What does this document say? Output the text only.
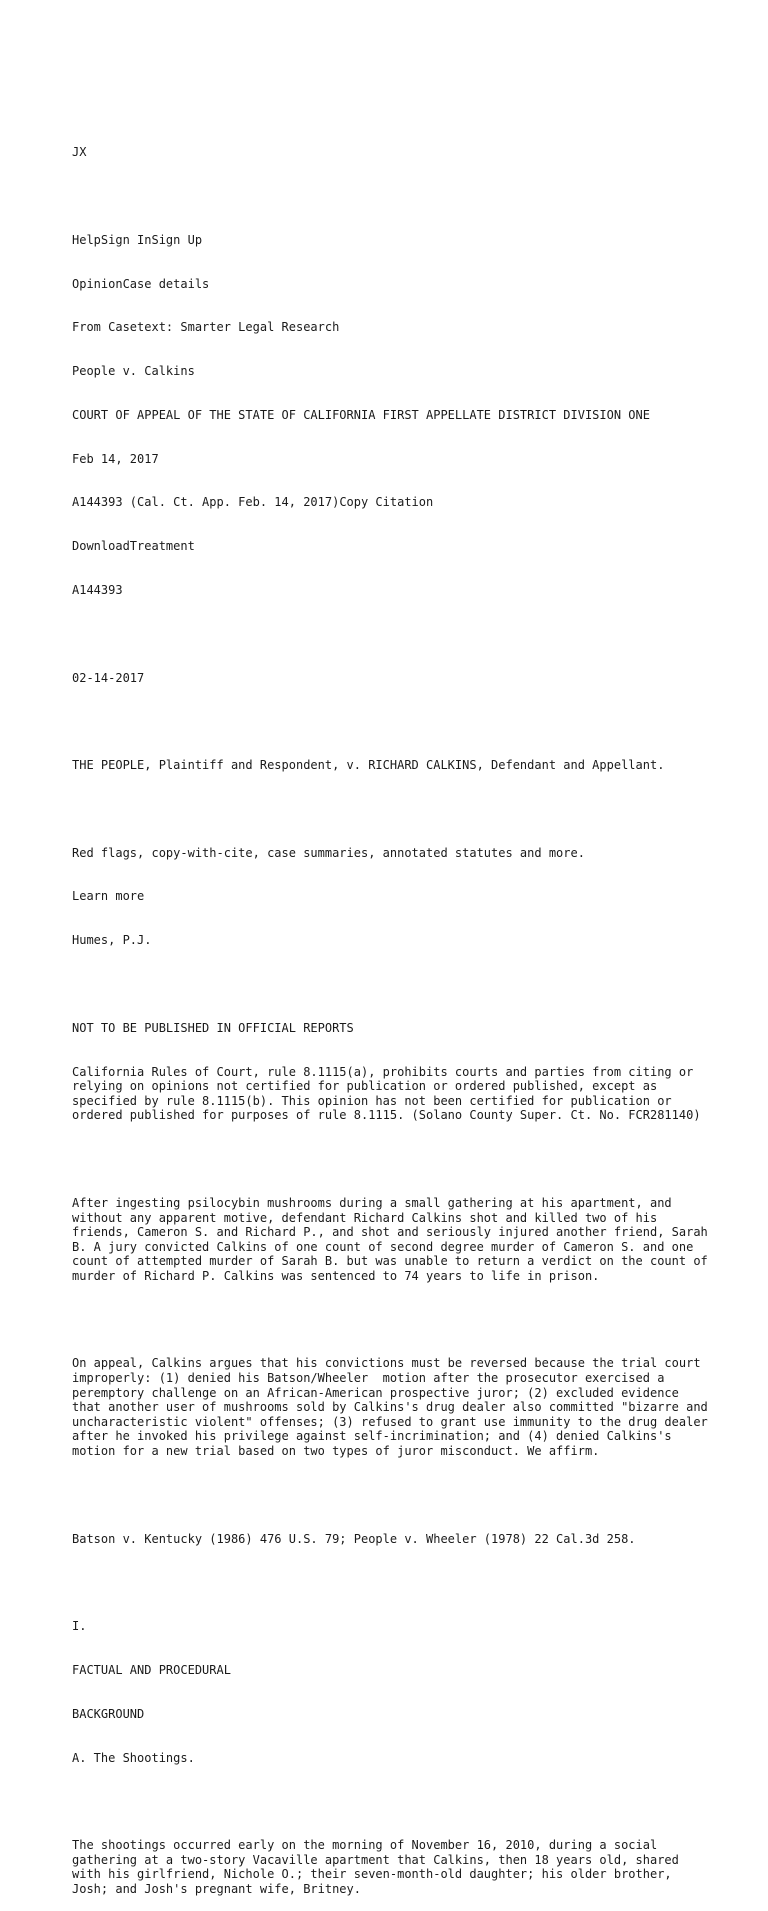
JX

HelpSign InSign Up

OpinionCase details

From Casetext: Smarter Legal Research

People v. Calkins

COURT OF APPEAL OF THE STATE OF CALIFORNIA FIRST APPELLATE DISTRICT DIVISION ONE

Feb 14, 2017

A144393 (Cal. Ct. App. Feb. 14, 2017)Copy Citation

DownloadTreatment

A144393

02-14-2017

THE PEOPLE, Plaintiff and Respondent, v. RICHARD CALKINS, Defendant and Appellant.

Red flags, copy-with-cite, case summaries, annotated statutes and more.

Learn more

Humes, P.J.

NOT TO BE PUBLISHED IN OFFICIAL REPORTS

California Rules of Court, rule 8.1115(a), prohibits courts and parties from citing or relying on opinions not certified for publication or ordered published, except as specified by rule 8.1115(b). This opinion has not been certified for publication or ordered published for purposes of rule 8.1115. (Solano County Super. Ct. No. FCR281140)

After ingesting psilocybin mushrooms during a small gathering at his apartment, and without any apparent motive, defendant Richard Calkins shot and killed two of his friends, Cameron S. and Richard P., and shot and seriously injured another friend, Sarah B. A jury convicted Calkins of one count of second degree murder of Cameron S. and one count of attempted murder of Sarah B. but was unable to return a verdict on the count of murder of Richard P. Calkins was sentenced to 74 years to life in prison.

On appeal, Calkins argues that his convictions must be reversed because the trial court improperly: (1) denied his Batson/Wheeler  motion after the prosecutor exercised a peremptory challenge on an African-American prospective juror; (2) excluded evidence that another user of mushrooms sold by Calkins's drug dealer also committed "bizarre and uncharacteristic violent" offenses; (3) refused to grant use immunity to the drug dealer after he invoked his privilege against self-incrimination; and (4) denied Calkins's motion for a new trial based on two types of juror misconduct. We affirm.

Batson v. Kentucky (1986) 476 U.S. 79; People v. Wheeler (1978) 22 Cal.3d 258.

I.

FACTUAL AND PROCEDURAL

BACKGROUND

A. The Shootings.

The shootings occurred early on the morning of November 16, 2010, during a social gathering at a two-story Vacaville apartment that Calkins, then 18 years old, shared with his girlfriend, Nichole O.; their seven-month-old daughter; his older brother, Josh; and Josh's pregnant wife, Britney.
